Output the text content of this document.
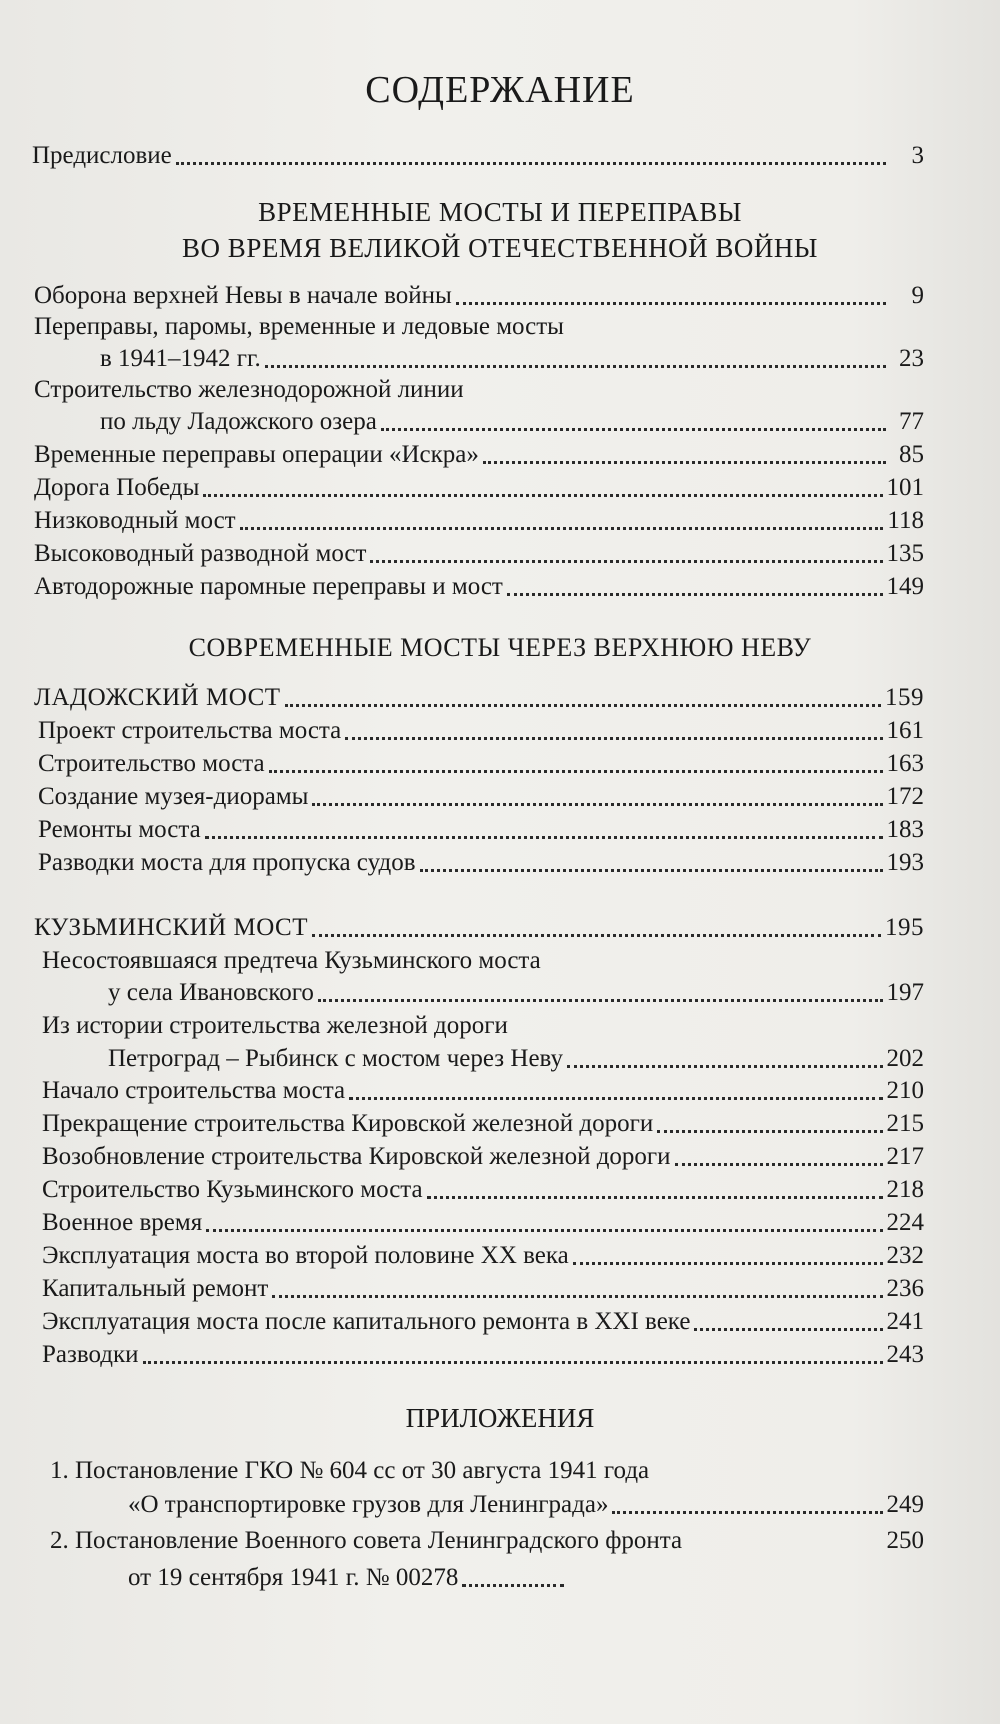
СОДЕРЖАНИЕ
Предисловие	3
ВРЕМЕННЫЕ МОСТЫ И ПЕРЕПРАВЫ
ВО ВРЕМЯ ВЕЛИКОЙ ОТЕЧЕСТВЕННОЙ ВОЙНЫ
Оборона верхней Невы в начале войны	9
Переправы, паромы, временные и ледовые мосты
в 1941–1942 гг.	23
Строительство железнодорожной линии
по льду Ладожского озера	77
Временные переправы операции «Искра»	85
Дорога Победы	101
Низководный мост	118
Высоководный разводной мост	135
Автодорожные паромные переправы и мост	149
СОВРЕМЕННЫЕ МОСТЫ ЧЕРЕЗ ВЕРХНЮЮ НЕВУ
ЛАДОЖСКИЙ МОСТ	159
Проект строительства моста	161
Строительство моста	163
Создание музея-диорамы	172
Ремонты моста	183
Разводки моста для пропуска судов	193
КУЗЬМИНСКИЙ МОСТ	195
Несостоявшаяся предтеча Кузьминского моста
у села Ивановского	197
Из истории строительства железной дороги
Петроград – Рыбинск с мостом через Неву	202
Начало строительства моста	210
Прекращение строительства Кировской железной дороги	215
Возобновление строительства Кировской железной дороги	217
Строительство Кузьминского моста	218
Военное время	224
Эксплуатация моста во второй половине XX века	232
Капитальный ремонт	236
Эксплуатация моста после капитального ремонта в XXI веке	241
Разводки	243
ПРИЛОЖЕНИЯ
1. Постановление ГКО № 604 сс от 30 августа 1941 года
«О транспортировке грузов для Ленинграда»	249
2. Постановление Военного совета Ленинградского фронта	250
от 19 сентября 1941 г. № 00278
